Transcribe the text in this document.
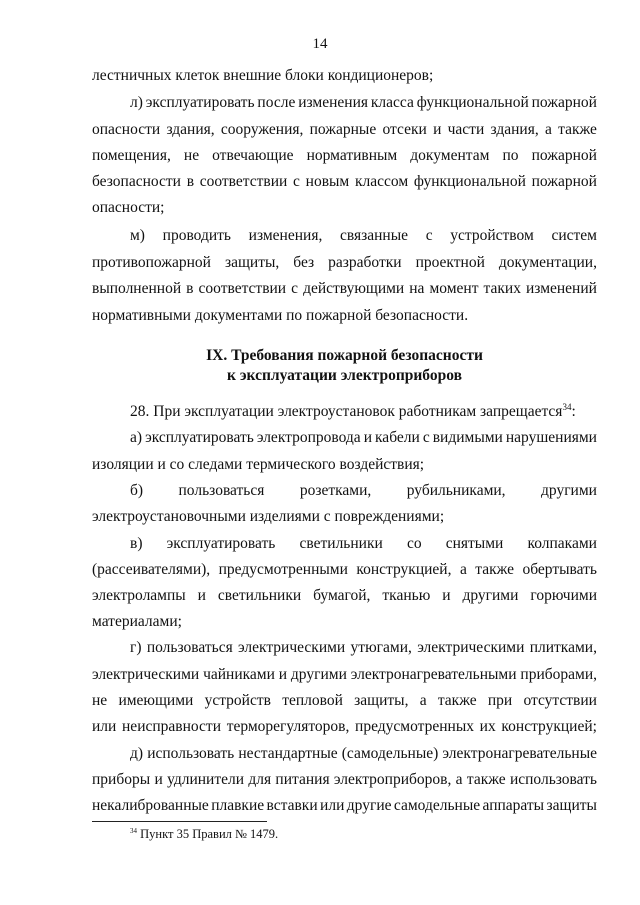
14
лестничных клеток внешние блоки кондиционеров;
л) эксплуатировать после изменения класса функциональной пожарной
опасности здания, сооружения, пожарные отсеки и части здания, а также
помещения, не отвечающие нормативным документам по пожарной
безопасности в соответствии с новым классом функциональной пожарной
опасности;
м) проводить изменения, связанные с устройством систем
противопожарной защиты, без разработки проектной документации,
выполненной в соответствии с действующими на момент таких изменений
нормативными документами по пожарной безопасности.
IX. Требования пожарной безопасности
к эксплуатации электроприборов
28. При эксплуатации электроустановок работникам запрещается$^{34}$:
а) эксплуатировать электропровода и кабели с видимыми нарушениями
изоляции и со следами термического воздействия;
б) пользоваться розетками, рубильниками, другими
электроустановочными изделиями с повреждениями;
в) эксплуатировать светильники со снятыми колпаками
(рассеивателями), предусмотренными конструкцией, а также обертывать
электролампы и светильники бумагой, тканью и другими горючими
материалами;
г) пользоваться электрическими утюгами, электрическими плитками,
электрическими чайниками и другими электронагревательными приборами,
не имеющими устройств тепловой защиты, а также при отсутствии
или неисправности терморегуляторов, предусмотренных их конструкцией;
д) использовать нестандартные (самодельные) электронагревательные
приборы и удлинители для питания электроприборов, а также использовать
некалиброванные плавкие вставки или другие самодельные аппараты защиты
$^{34}$ Пункт 35 Правил № 1479.
